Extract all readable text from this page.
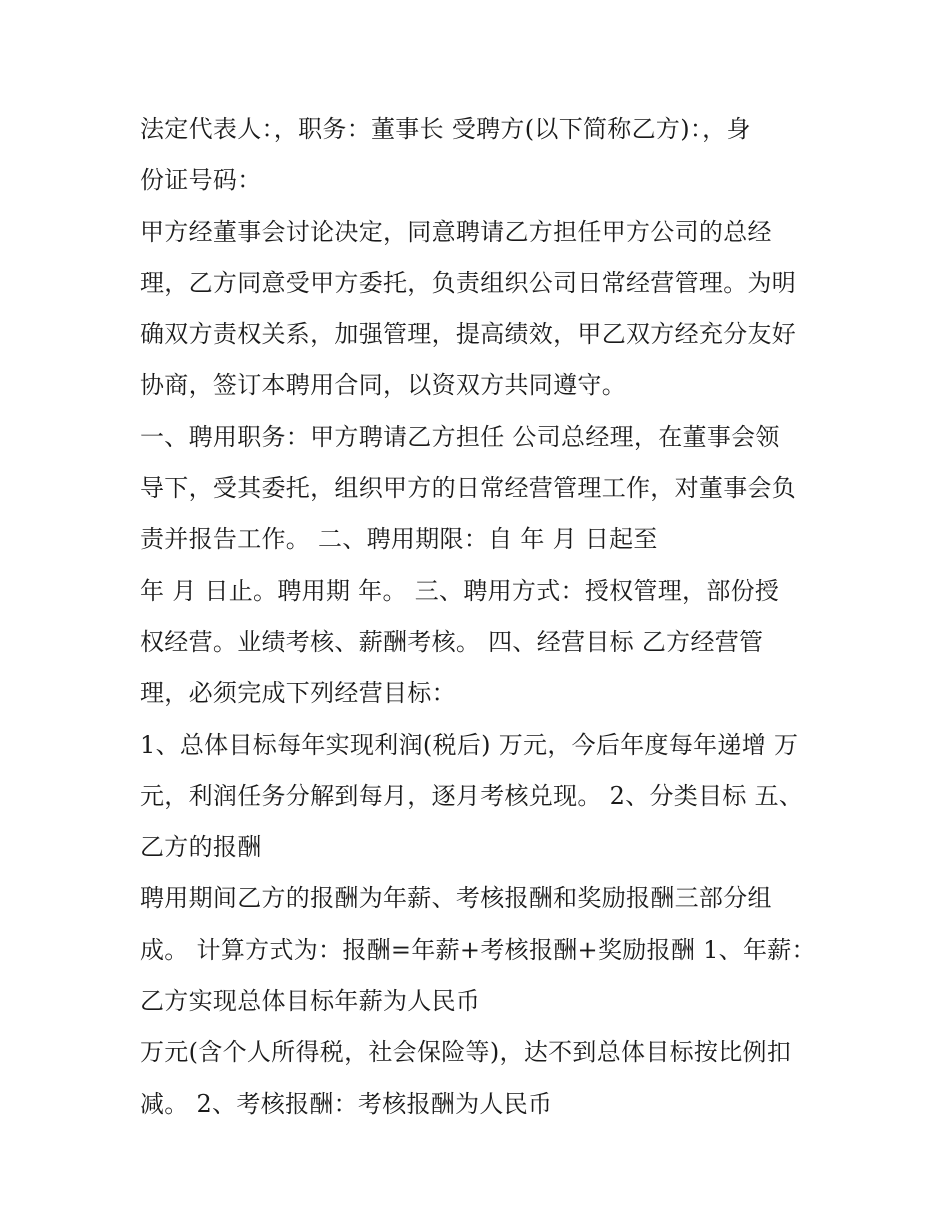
法定代表人：，职务：董事长 受聘方(以下简称乙方)：，身
份证号码：
甲方经董事会讨论决定，同意聘请乙方担任甲方公司的总经
理，乙方同意受甲方委托，负责组织公司日常经营管理。为明
确双方责权关系，加强管理，提高绩效，甲乙双方经充分友好
协商，签订本聘用合同，以资双方共同遵守。
一、聘用职务：甲方聘请乙方担任 公司总经理，在董事会领
导下，受其委托，组织甲方的日常经营管理工作，对董事会负
责并报告工作。 二、聘用期限：自 年 月 日起至
年 月 日止。聘用期 年。 三、聘用方式：授权管理，部份授
权经营。业绩考核、薪酬考核。 四、经营目标 乙方经营管
理，必须完成下列经营目标：
1、总体目标每年实现利润(税后) 万元，今后年度每年递增 万
元，利润任务分解到每月，逐月考核兑现。 2、分类目标 五、
乙方的报酬
聘用期间乙方的报酬为年薪、考核报酬和奖励报酬三部分组
成。 计算方式为：报酬=年薪+考核报酬+奖励报酬 1、年薪：
乙方实现总体目标年薪为人民币
万元(含个人所得税，社会保险等)，达不到总体目标按比例扣
减。 2、考核报酬：考核报酬为人民币
